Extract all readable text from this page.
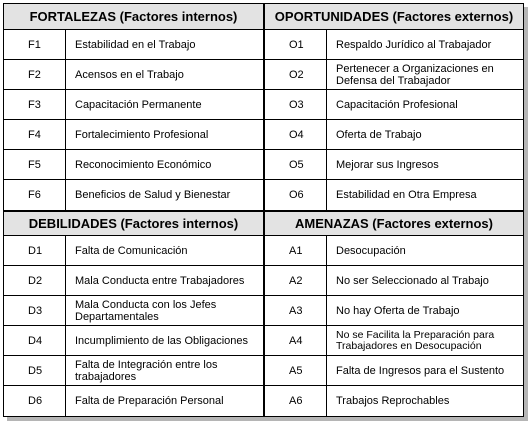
FORTALEZAS (Factores internos)
F1	Estabilidad en el Trabajo
F2	Acensos en el Trabajo
F3	Capacitación Permanente
F4	Fortalecimiento Profesional
F5	Reconocimiento Económico
F6	Beneficios de Salud y Bienestar
DEBILIDADES (Factores internos)
D1	Falta de Comunicación
D2	Mala Conducta entre Trabajadores
D3	Mala Conducta con los Jefes Departamentales
D4	Incumplimiento de las Obligaciones
D5	Falta de Integración entre los trabajadores
D6	Falta de Preparación Personal
OPORTUNIDADES (Factores externos)
O1	Respaldo Jurídico al Trabajador
O2	Pertenecer a Organizaciones en Defensa del Trabajador
O3	Capacitación Profesional
O4	Oferta de Trabajo
O5	Mejorar sus Ingresos
O6	Estabilidad en Otra Empresa
AMENAZAS (Factores externos)
A1	Desocupación
A2	No ser Seleccionado al Trabajo
A3	No hay Oferta de Trabajo
A4	No se Facilita la Preparación para Trabajadores en Desocupación
A5	Falta de Ingresos para el Sustento
A6	Trabajos Reprochables
